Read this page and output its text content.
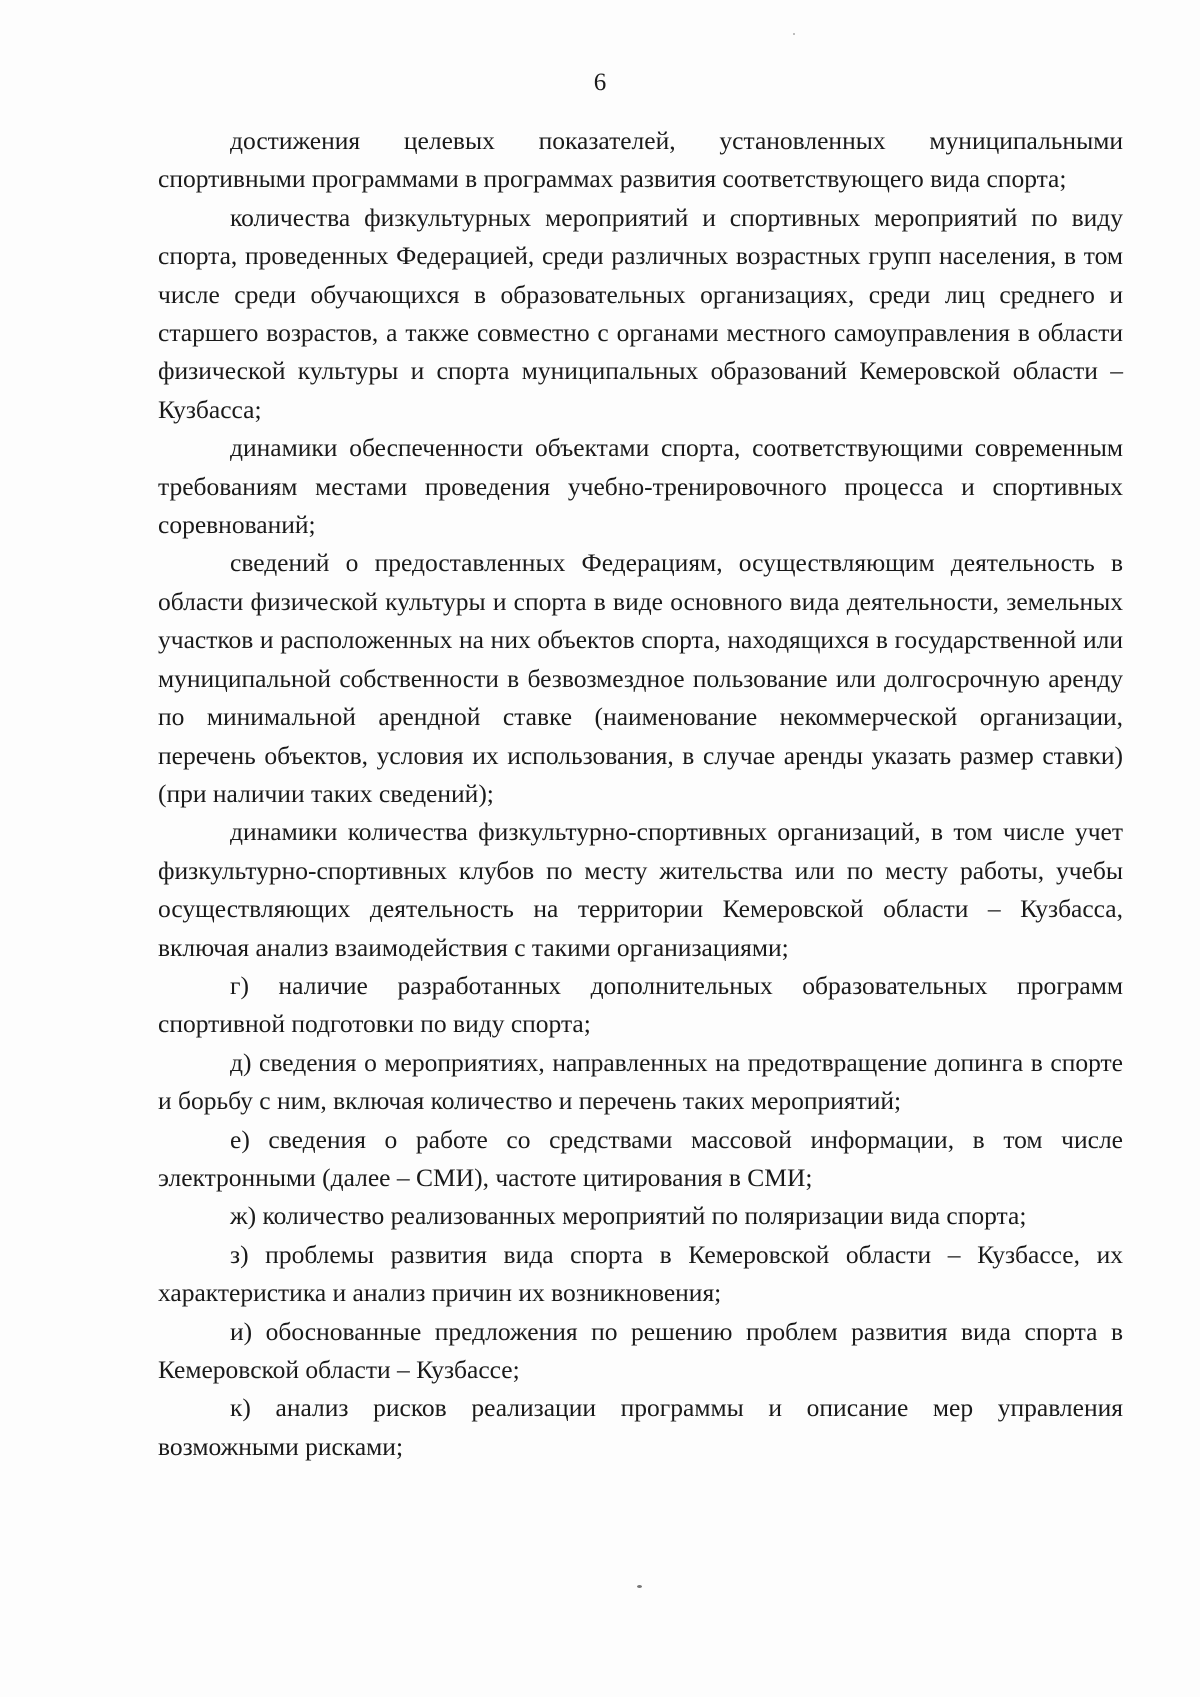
6

достижения целевых показателей, установленных муниципальными спортивными программами в программах развития соответствующего вида спорта;

количества физкультурных мероприятий и спортивных мероприятий по виду спорта, проведенных Федерацией, среди различных возрастных групп населения, в том числе среди обучающихся в образовательных организациях, среди лиц среднего и старшего возрастов, а также совместно с органами местного самоуправления в области физической культуры и спорта муниципальных образований Кемеровской области – Кузбасса;

динамики обеспеченности объектами спорта, соответствующими современным требованиям местами проведения учебно-тренировочного процесса и спортивных соревнований;

сведений о предоставленных Федерациям, осуществляющим деятельность в области физической культуры и спорта в виде основного вида деятельности, земельных участков и расположенных на них объектов спорта, находящихся в государственной или муниципальной собственности в безвозмездное пользование или долгосрочную аренду по минимальной арендной ставке (наименование некоммерческой организации, перечень объектов, условия их использования, в случае аренды указать размер ставки) (при наличии таких сведений);

динамики количества физкультурно-спортивных организаций, в том числе учет физкультурно-спортивных клубов по месту жительства или по месту работы, учебы осуществляющих деятельность на территории Кемеровской области – Кузбасса, включая анализ взаимодействия с такими организациями;

г) наличие разработанных дополнительных образовательных программ спортивной подготовки по виду спорта;

д) сведения о мероприятиях, направленных на предотвращение допинга в спорте и борьбу с ним, включая количество и перечень таких мероприятий;

е) сведения о работе со средствами массовой информации, в том числе электронными (далее – СМИ), частоте цитирования в СМИ;

ж) количество реализованных мероприятий по поляризации вида спорта;

з) проблемы развития вида спорта в Кемеровской области – Кузбассе, их характеристика и анализ причин их возникновения;

и) обоснованные предложения по решению проблем развития вида спорта в Кемеровской области – Кузбассе;

к) анализ рисков реализации программы и описание мер управления возможными рисками;
